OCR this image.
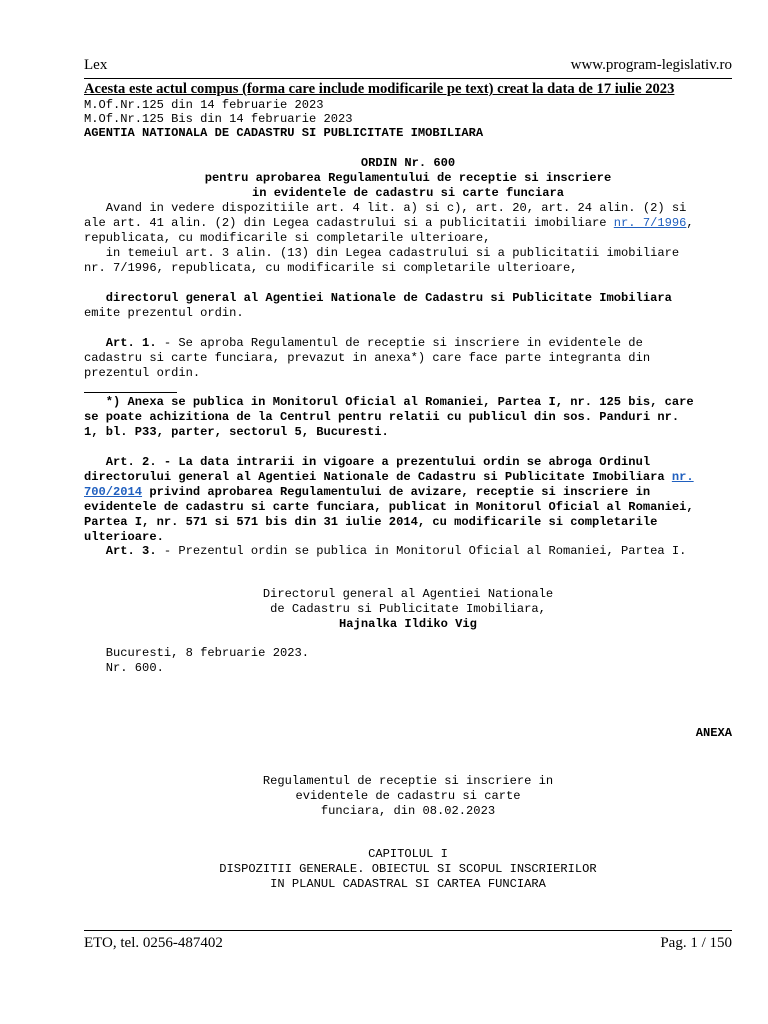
Lex	www.program-legislativ.ro
Acesta este actul compus (forma care include modificarile pe text) creat la data de 17 iulie 2023
M.Of.Nr.125 din 14 februarie 2023
M.Of.Nr.125 Bis din 14 februarie 2023
AGENTIA NATIONALA DE CADASTRU SI PUBLICITATE IMOBILIARA
ORDIN Nr. 600
pentru aprobarea Regulamentului de receptie si inscriere
in evidentele de cadastru si carte funciara
Avand in vedere dispozitiile art. 4 lit. a) si c), art. 20, art. 24 alin. (2) si
ale art. 41 alin. (2) din Legea cadastrului si a publicitatii imobiliare nr. 7/1996,
republicata, cu modificarile si completarile ulterioare,
in temeiul art. 3 alin. (13) din Legea cadastrului si a publicitatii imobiliare
nr. 7/1996, republicata, cu modificarile si completarile ulterioare,
directorul general al Agentiei Nationale de Cadastru si Publicitate Imobiliara
emite prezentul ordin.
Art. 1. - Se aproba Regulamentul de receptie si inscriere in evidentele de
cadastru si carte funciara, prevazut in anexa*) care face parte integranta din
prezentul ordin.
*) Anexa se publica in Monitorul Oficial al Romaniei, Partea I, nr. 125 bis, care
se poate achizitiona de la Centrul pentru relatii cu publicul din sos. Panduri nr.
1, bl. P33, parter, sectorul 5, Bucuresti.
Art. 2. - La data intrarii in vigoare a prezentului ordin se abroga Ordinul
directorului general al Agentiei Nationale de Cadastru si Publicitate Imobiliara nr.
700/2014 privind aprobarea Regulamentului de avizare, receptie si inscriere in
evidentele de cadastru si carte funciara, publicat in Monitorul Oficial al Romaniei,
Partea I, nr. 571 si 571 bis din 31 iulie 2014, cu modificarile si completarile
ulterioare.
Art. 3. - Prezentul ordin se publica in Monitorul Oficial al Romaniei, Partea I.
Directorul general al Agentiei Nationale
de Cadastru si Publicitate Imobiliara,
Hajnalka Ildiko Vig
Bucuresti, 8 februarie 2023.
Nr. 600.
ANEXA
Regulamentul de receptie si inscriere in
evidentele de cadastru si carte
funciara, din 08.02.2023
CAPITOLUL I
DISPOZITII GENERALE. OBIECTUL SI SCOPUL INSCRIERILOR
IN PLANUL CADASTRAL SI CARTEA FUNCIARA
ETO, tel. 0256-487402	Pag. 1 / 150
